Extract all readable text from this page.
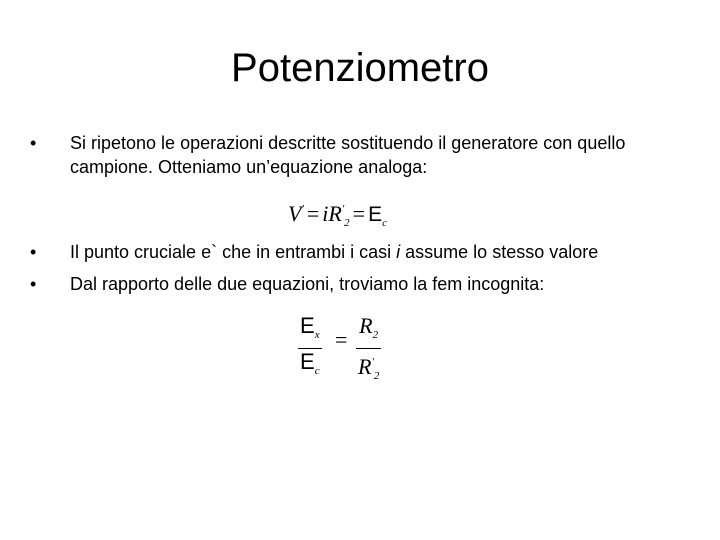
Potenziometro
• Si ripetono le operazioni descritte sostituendo il generatore con quello campione. Otteniamo un’equazione analoga:
$V' = iR'_2 = E_c$
• Il punto cruciale e` che in entrambi i casi i assume lo stesso valore
• Dal rapporto delle due equazioni, troviamo la fem incognita:
$E_x$
$E_c$
=
$R_2$
$R'_2$
